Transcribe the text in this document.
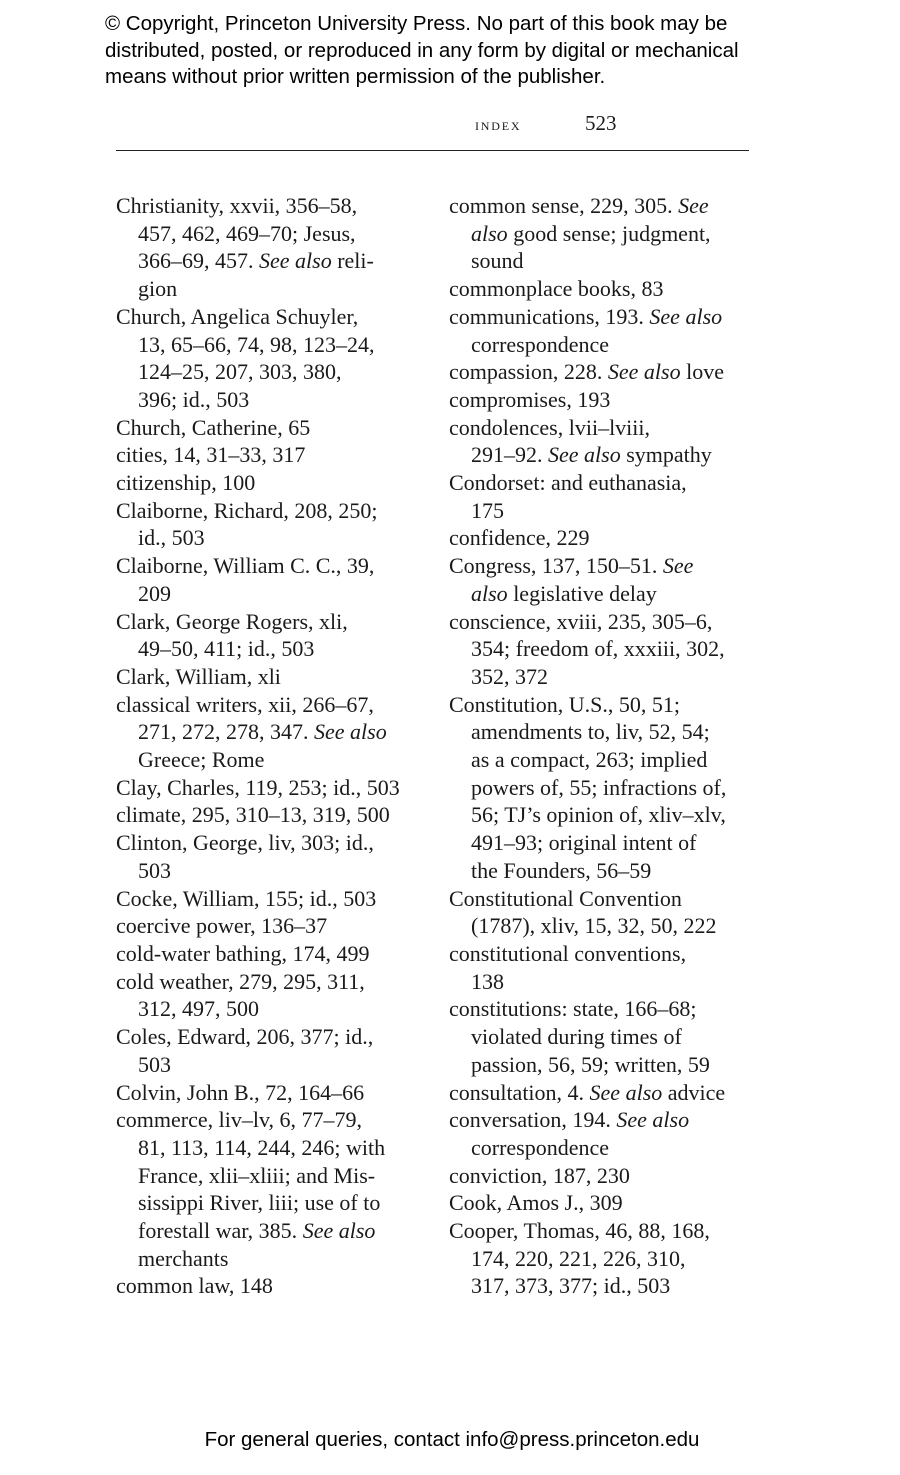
© Copyright, Princeton University Press. No part of this book may be
distributed, posted, or reproduced in any form by digital or mechanical
means without prior written permission of the publisher.
index	523
Christianity, xxvii, 356–58,
457, 462, 469–70; Jesus,
366–69, 457. See also reli-
gion
Church, Angelica Schuyler,
13, 65–66, 74, 98, 123–24,
124–25, 207, 303, 380,
396; id., 503
Church, Catherine, 65
cities, 14, 31–33, 317
citizenship, 100
Claiborne, Richard, 208, 250;
id., 503
Claiborne, William C. C., 39,
209
Clark, George Rogers, xli,
49–50, 411; id., 503
Clark, William, xli
classical writers, xii, 266–67,
271, 272, 278, 347. See also
Greece; Rome
Clay, Charles, 119, 253; id., 503
climate, 295, 310–13, 319, 500
Clinton, George, liv, 303; id.,
503
Cocke, William, 155; id., 503
coercive power, 136–37
cold-water bathing, 174, 499
cold weather, 279, 295, 311,
312, 497, 500
Coles, Edward, 206, 377; id.,
503
Colvin, John B., 72, 164–66
commerce, liv–lv, 6, 77–79,
81, 113, 114, 244, 246; with
France, xlii–xliii; and Mis-
sissippi River, liii; use of to
forestall war, 385. See also
merchants
common law, 148
common sense, 229, 305. See
also good sense; judgment,
sound
commonplace books, 83
communications, 193. See also
correspondence
compassion, 228. See also love
compromises, 193
condolences, lvii–lviii,
291–92. See also sympathy
Condorset: and euthanasia,
175
confidence, 229
Congress, 137, 150–51. See
also legislative delay
conscience, xviii, 235, 305–6,
354; freedom of, xxxiii, 302,
352, 372
Constitution, U.S., 50, 51;
amendments to, liv, 52, 54;
as a compact, 263; implied
powers of, 55; infractions of,
56; TJ’s opinion of, xliv–xlv,
491–93; original intent of
the Founders, 56–59
Constitutional Convention
(1787), xliv, 15, 32, 50, 222
constitutional conventions,
138
constitutions: state, 166–68;
violated during times of
passion, 56, 59; written, 59
consultation, 4. See also advice
conversation, 194. See also
correspondence
conviction, 187, 230
Cook, Amos J., 309
Cooper, Thomas, 46, 88, 168,
174, 220, 221, 226, 310,
317, 373, 377; id., 503
For general queries, contact info@press.princeton.edu
